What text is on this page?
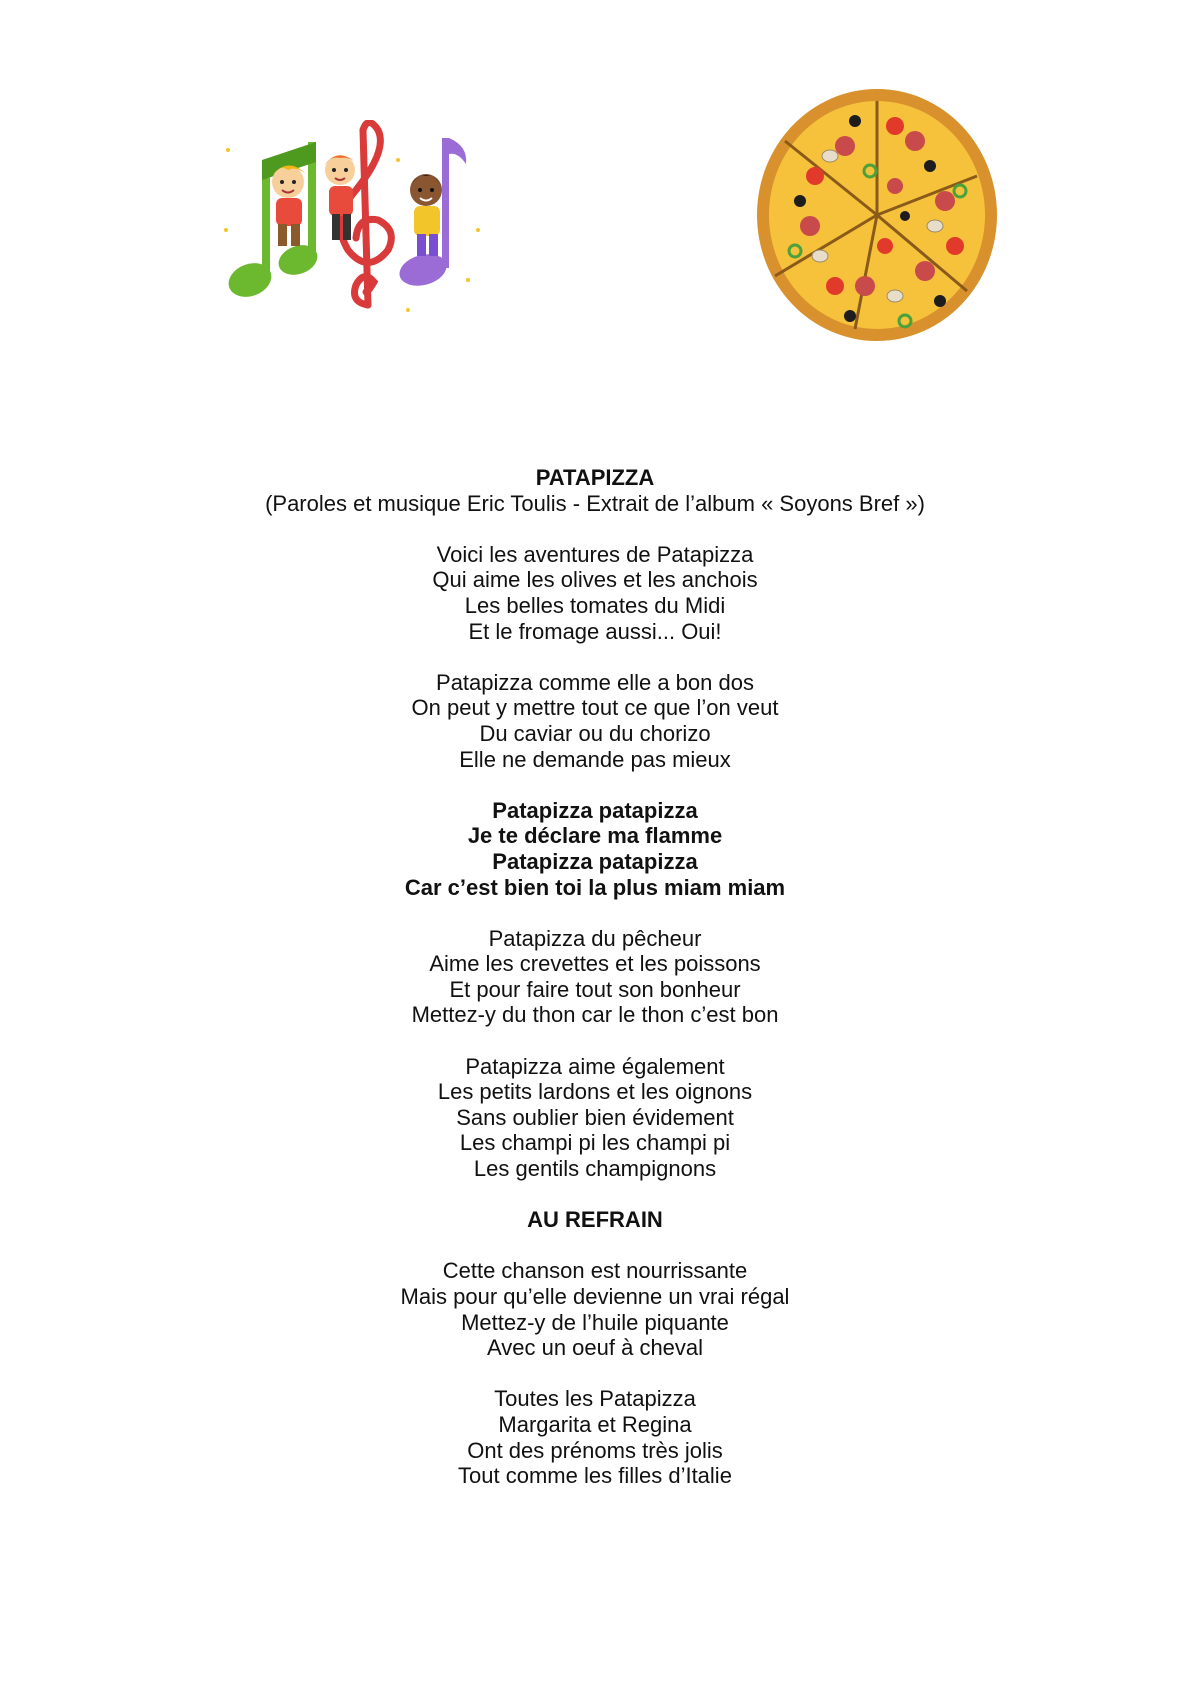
PATAPIZZA
(Paroles et musique Eric Toulis - Extrait de l’album « Soyons Bref »)
Voici les aventures de Patapizza
Qui aime les olives et les anchois
Les belles tomates du Midi
Et le fromage aussi... Oui!
Patapizza comme elle a bon dos
On peut y mettre tout ce que l’on veut
Du caviar ou du chorizo
Elle ne demande pas mieux
Patapizza patapizza
Je te déclare ma flamme
Patapizza patapizza
Car c’est bien toi la plus miam miam
Patapizza du pêcheur
Aime les crevettes et les poissons
Et pour faire tout son bonheur
Mettez-y du thon car le thon c’est bon
Patapizza aime également
Les petits lardons et les oignons
Sans oublier bien évidement
Les champi pi les champi pi
Les gentils champignons
AU REFRAIN
Cette chanson est nourrissante
Mais pour qu’elle devienne un vrai régal
Mettez-y de l’huile piquante
Avec un oeuf à cheval
Toutes les Patapizza
Margarita et Regina
Ont des prénoms très jolis
Tout comme les filles d’Italie
